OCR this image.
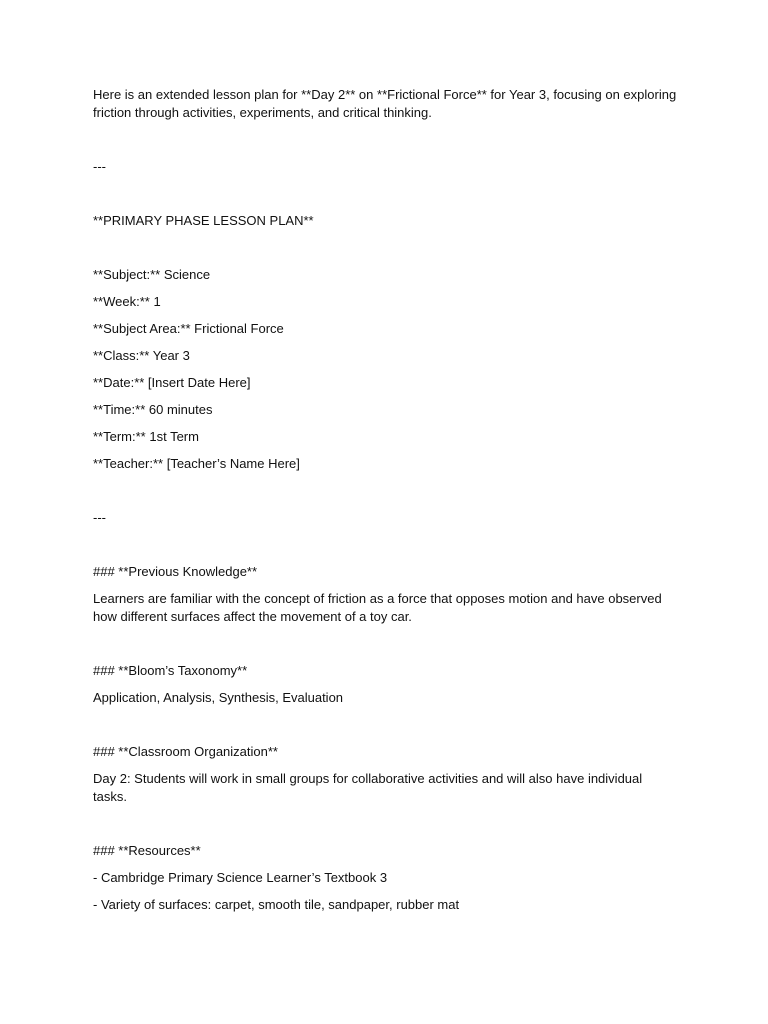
Here is an extended lesson plan for **Day 2** on **Frictional Force** for Year 3, focusing on exploring friction through activities, experiments, and critical thinking.

---

**PRIMARY PHASE LESSON PLAN**

**Subject:** Science

**Week:** 1

**Subject Area:** Frictional Force

**Class:** Year 3

**Date:** [Insert Date Here]

**Time:** 60 minutes

**Term:** 1st Term

**Teacher:** [Teacher’s Name Here]

---

### **Previous Knowledge**

Learners are familiar with the concept of friction as a force that opposes motion and have observed how different surfaces affect the movement of a toy car.

### **Bloom’s Taxonomy**

Application, Analysis, Synthesis, Evaluation

### **Classroom Organization**

Day 2: Students will work in small groups for collaborative activities and will also have individual tasks.

### **Resources**

- Cambridge Primary Science Learner’s Textbook 3

- Variety of surfaces: carpet, smooth tile, sandpaper, rubber mat
